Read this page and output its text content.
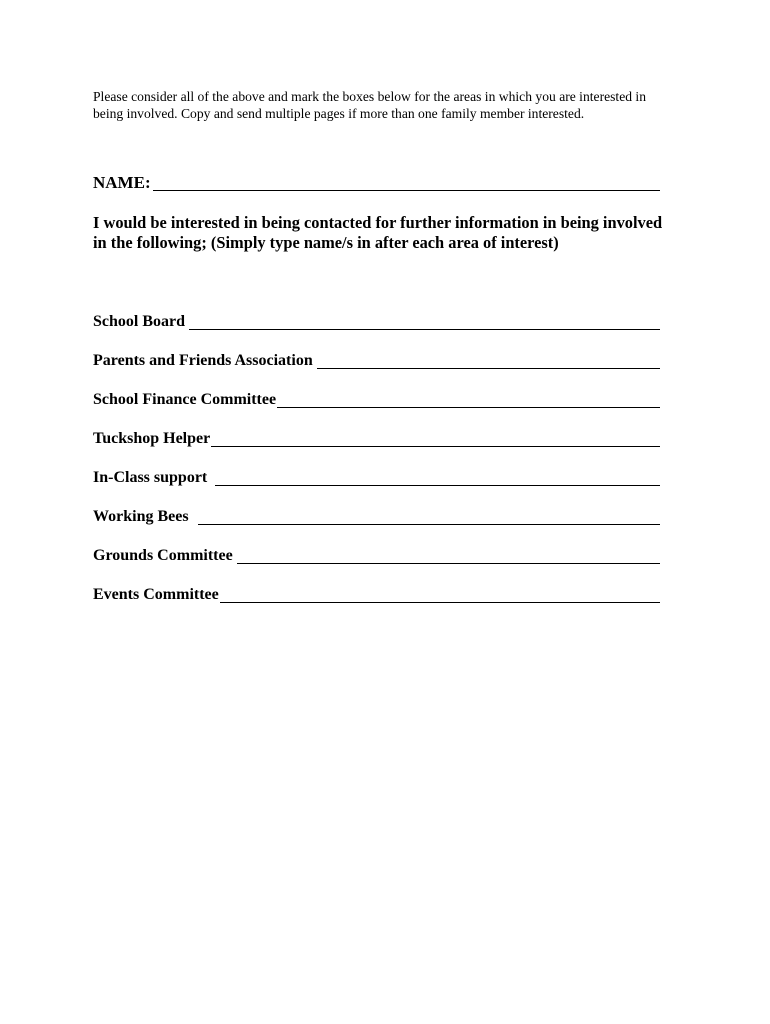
Please consider all of the above and mark the boxes below for the areas in which you are interested in being involved. Copy and send multiple pages if more than one family member interested.

NAME:

I would be interested in being contacted for further information in being involved in the following; (Simply type name/s in after each area of interest)

School Board
Parents and Friends Association
School Finance Committee
Tuckshop Helper
In-Class support
Working Bees
Grounds Committee
Events Committee
